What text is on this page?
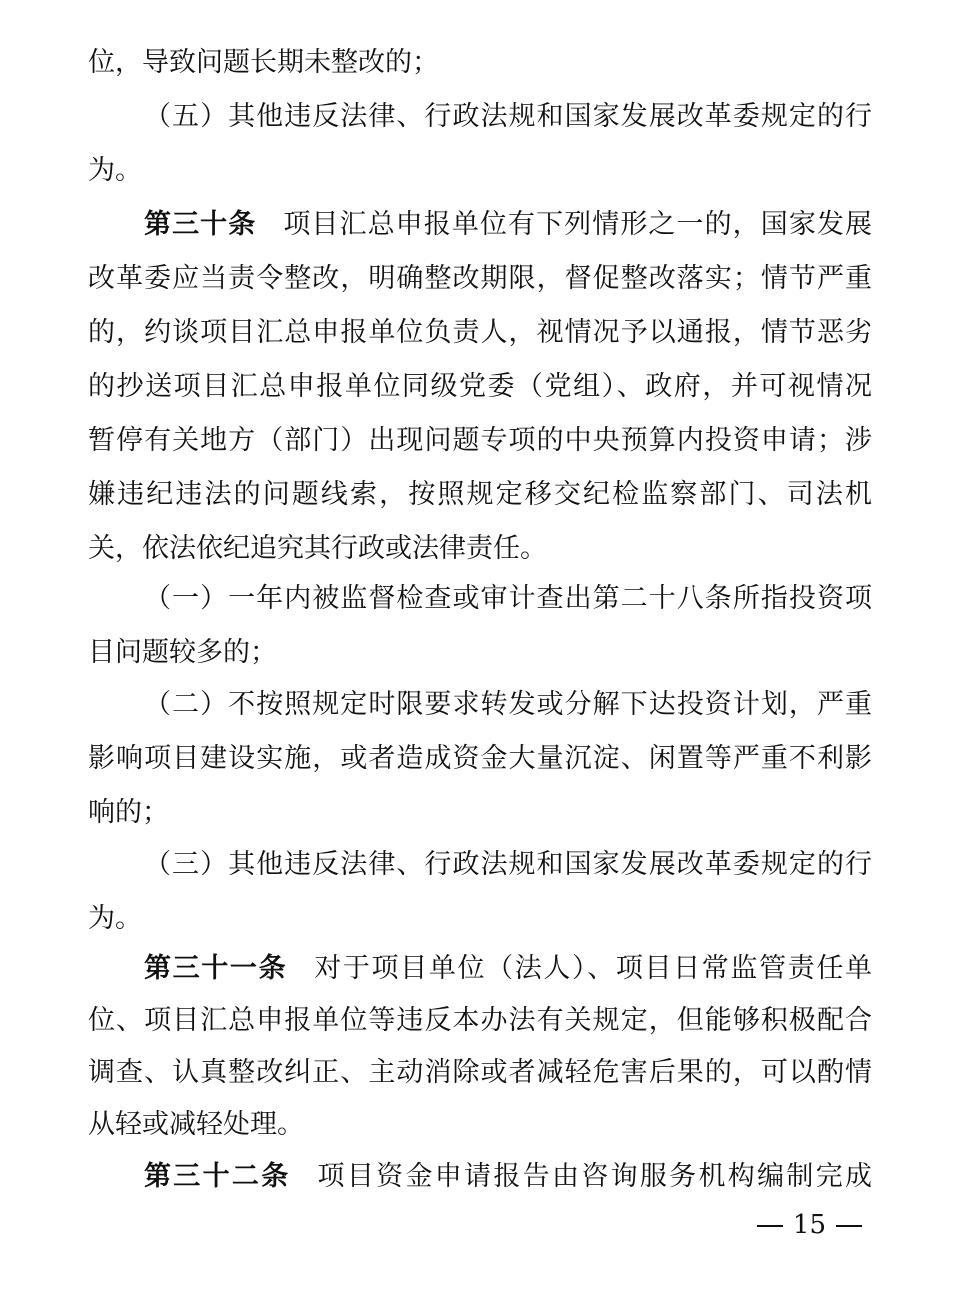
位，导致问题长期未整改的；
（五）其他违反法律、行政法规和国家发展改革委规定的行
为。
第三十条 项目汇总申报单位有下列情形之一的，国家发展
改革委应当责令整改，明确整改期限，督促整改落实；情节严重
的，约谈项目汇总申报单位负责人，视情况予以通报，情节恶劣
的抄送项目汇总申报单位同级党委（党组）、政府，并可视情况
暂停有关地方（部门）出现问题专项的中央预算内投资申请；涉
嫌违纪违法的问题线索，按照规定移交纪检监察部门、司法机
关，依法依纪追究其行政或法律责任。
（一）一年内被监督检查或审计查出第二十八条所指投资项
目问题较多的；
（二）不按照规定时限要求转发或分解下达投资计划，严重
影响项目建设实施，或者造成资金大量沉淀、闲置等严重不利影
响的；
（三）其他违反法律、行政法规和国家发展改革委规定的行
为。
第三十一条 对于项目单位（法人）、项目日常监管责任单
位、项目汇总申报单位等违反本办法有关规定，但能够积极配合
调查、认真整改纠正、主动消除或者减轻危害后果的，可以酌情
从轻或减轻处理。
第三十二条 项目资金申请报告由咨询服务机构编制完成
15
